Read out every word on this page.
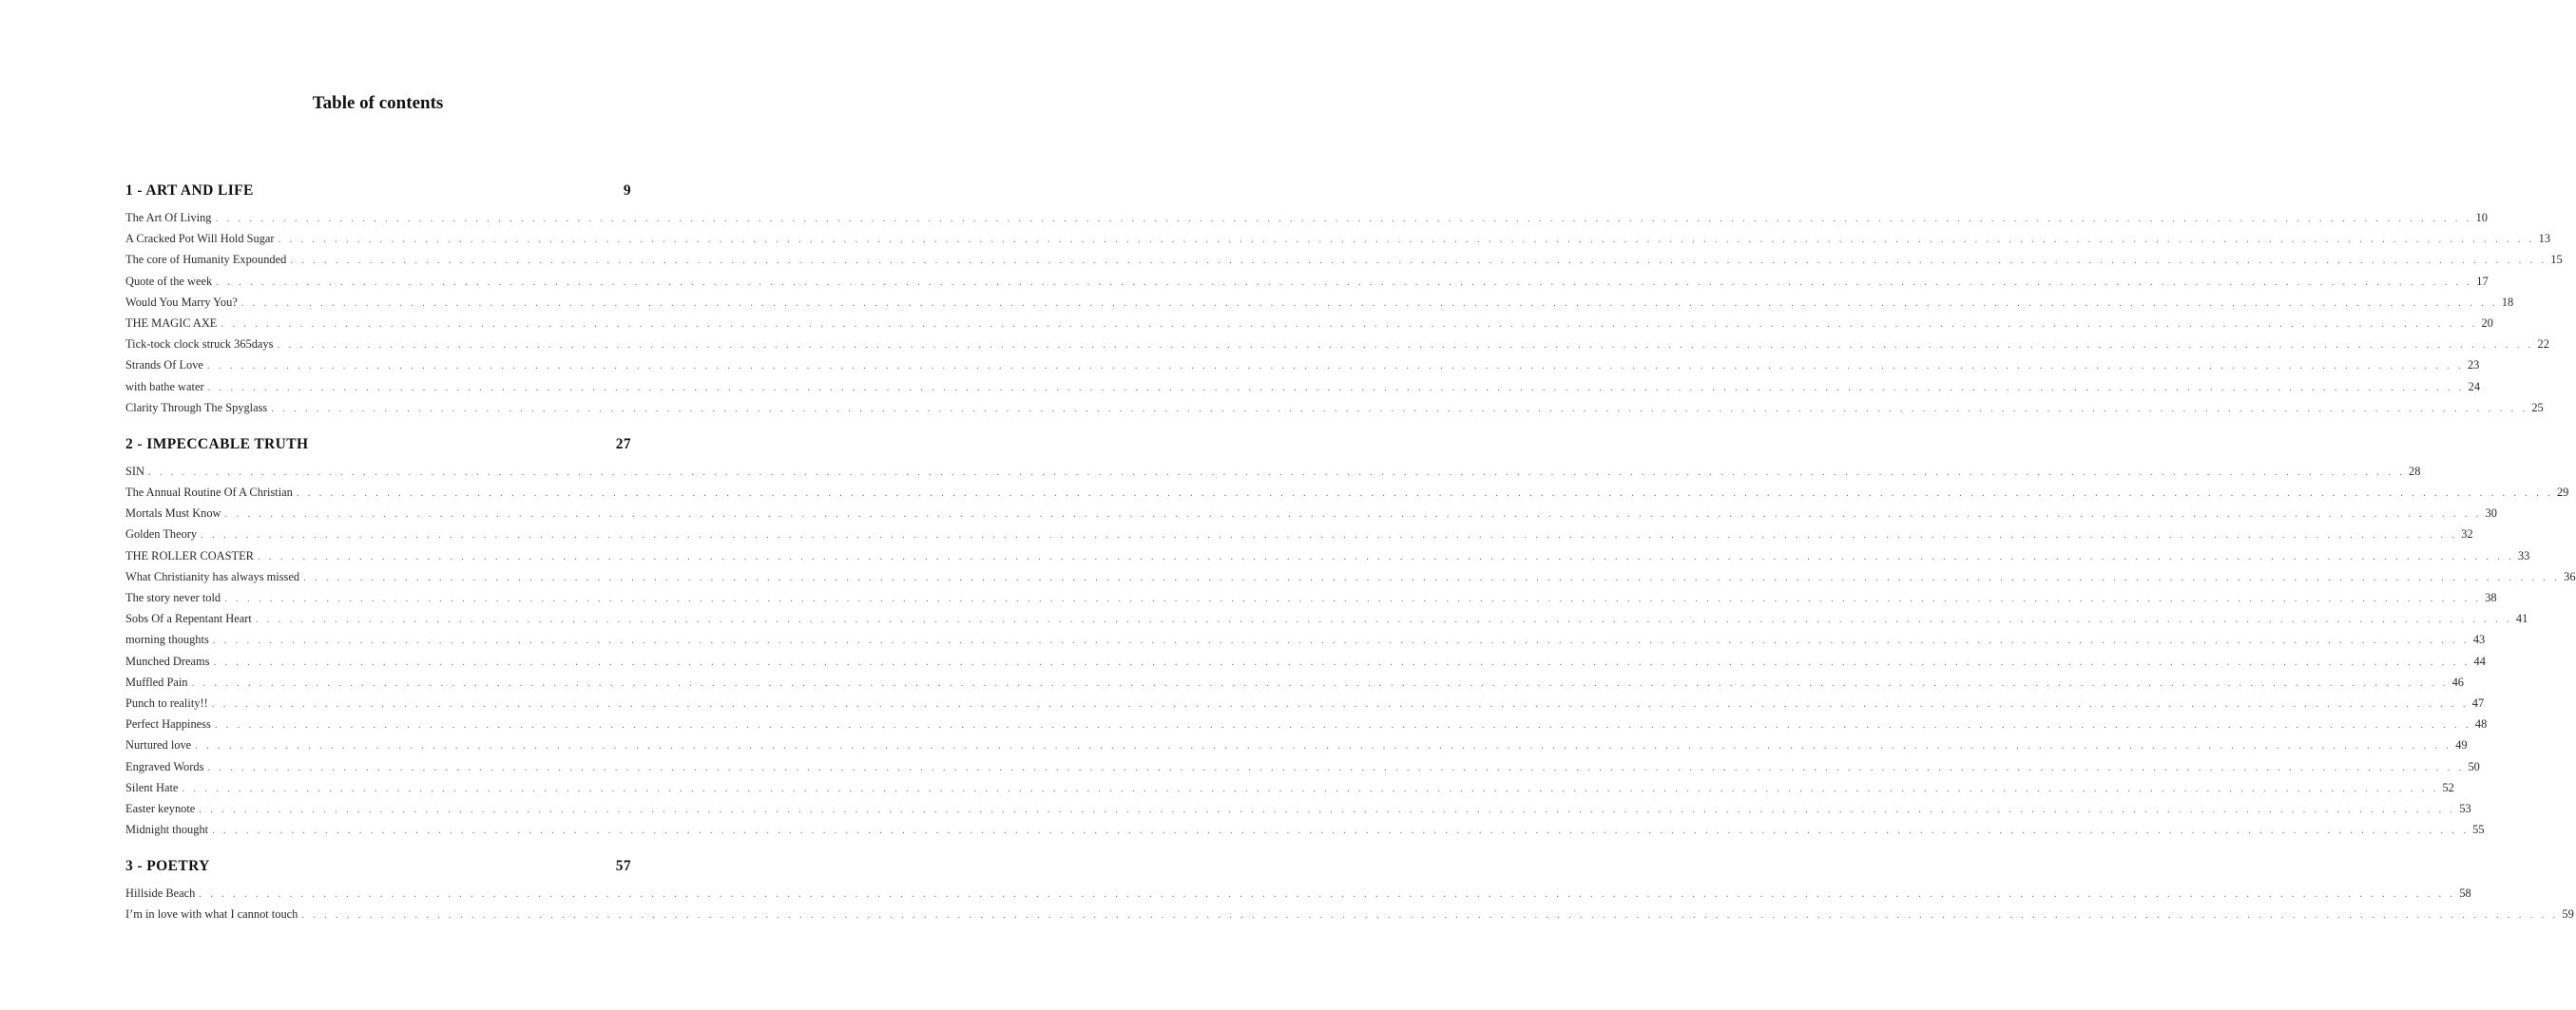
Table of contents
1 - ART AND LIFE	9
The Art Of Living . . . . . . . . . . . . . . . . . . . . . . . . . . . . . . . . . . . . . . . . . . . . . . . . . . . . . . . . . . . . . . . . . . . . . . . . . . . . . . . . . . . . . . . . . . . . . . . . . . . . . . . . . . . . . . . . . . . . . . . . . . . . . . . . . . . . . . . . . . . . . . . . . . . . . . . . . . . . . . . . . . . . . . . . . . . . . . . . . . . . . . . . . . . . . . . . . . . . . . . . 10
A Cracked Pot Will Hold Sugar . . . . . . . . . . . . . . . . . . . . . . . . . . . . . . . . . . . . . . . . . . . . . . . . . . . . . . . . . . . . . . . . . . . . . . . . . . . . . . . . . . . . . . . . . . . . . . . . . . . . . . . . . . . . . . . . . . . . . . . . . . . . . . . . . . . . . . . . . . . . . . . . . . . . . . . . . . . . . . . . . . . . . . . . . . . . . . . . . . . . . . . . . . . . . . . . . . . . . . . . 13
The core of Humanity Expounded . . . . . . . . . . . . . . . . . . . . . . . . . . . . . . . . . . . . . . . . . . . . . . . . . . . . . . . . . . . . . . . . . . . . . . . . . . . . . . . . . . . . . . . . . . . . . . . . . . . . . . . . . . . . . . . . . . . . . . . . . . . . . . . . . . . . . . . . . . . . . . . . . . . . . . . . . . . . . . . . . . . . . . . . . . . . . . . . . . . . . . . . . . . . . . . . . . . . . . . . 15
Quote of the week . . . . . . . . . . . . . . . . . . . . . . . . . . . . . . . . . . . . . . . . . . . . . . . . . . . . . . . . . . . . . . . . . . . . . . . . . . . . . . . . . . . . . . . . . . . . . . . . . . . . . . . . . . . . . . . . . . . . . . . . . . . . . . . . . . . . . . . . . . . . . . . . . . . . . . . . . . . . . . . . . . . . . . . . . . . . . . . . . . . . . . . . . . . . . . . . . . . . . . . . 17
Would You Marry You? . . . . . . . . . . . . . . . . . . . . . . . . . . . . . . . . . . . . . . . . . . . . . . . . . . . . . . . . . . . . . . . . . . . . . . . . . . . . . . . . . . . . . . . . . . . . . . . . . . . . . . . . . . . . . . . . . . . . . . . . . . . . . . . . . . . . . . . . . . . . . . . . . . . . . . . . . . . . . . . . . . . . . . . . . . . . . . . . . . . . . . . . . . . . . . . . . . . . . . . . 18
THE MAGIC AXE . . . . . . . . . . . . . . . . . . . . . . . . . . . . . . . . . . . . . . . . . . . . . . . . . . . . . . . . . . . . . . . . . . . . . . . . . . . . . . . . . . . . . . . . . . . . . . . . . . . . . . . . . . . . . . . . . . . . . . . . . . . . . . . . . . . . . . . . . . . . . . . . . . . . . . . . . . . . . . . . . . . . . . . . . . . . . . . . . . . . . . . . . . . . . . . . . . . . . . . . 20
Tick-tock clock struck 365days . . . . . . . . . . . . . . . . . . . . . . . . . . . . . . . . . . . . . . . . . . . . . . . . . . . . . . . . . . . . . . . . . . . . . . . . . . . . . . . . . . . . . . . . . . . . . . . . . . . . . . . . . . . . . . . . . . . . . . . . . . . . . . . . . . . . . . . . . . . . . . . . . . . . . . . . . . . . . . . . . . . . . . . . . . . . . . . . . . . . . . . . . . . . . . . . . . . . . . . . 22
Strands Of Love . . . . . . . . . . . . . . . . . . . . . . . . . . . . . . . . . . . . . . . . . . . . . . . . . . . . . . . . . . . . . . . . . . . . . . . . . . . . . . . . . . . . . . . . . . . . . . . . . . . . . . . . . . . . . . . . . . . . . . . . . . . . . . . . . . . . . . . . . . . . . . . . . . . . . . . . . . . . . . . . . . . . . . . . . . . . . . . . . . . . . . . . . . . . . . . . . . . . . . . . 23
with bathe water . . . . . . . . . . . . . . . . . . . . . . . . . . . . . . . . . . . . . . . . . . . . . . . . . . . . . . . . . . . . . . . . . . . . . . . . . . . . . . . . . . . . . . . . . . . . . . . . . . . . . . . . . . . . . . . . . . . . . . . . . . . . . . . . . . . . . . . . . . . . . . . . . . . . . . . . . . . . . . . . . . . . . . . . . . . . . . . . . . . . . . . . . . . . . . . . . . . . . . . . 24
Clarity Through The Spyglass . . . . . . . . . . . . . . . . . . . . . . . . . . . . . . . . . . . . . . . . . . . . . . . . . . . . . . . . . . . . . . . . . . . . . . . . . . . . . . . . . . . . . . . . . . . . . . . . . . . . . . . . . . . . . . . . . . . . . . . . . . . . . . . . . . . . . . . . . . . . . . . . . . . . . . . . . . . . . . . . . . . . . . . . . . . . . . . . . . . . . . . . . . . . . . . . . . . . . . . . 25
2 - IMPECCABLE TRUTH	27
SIN . . . . . . . . . . . . . . . . . . . . . . . . . . . . . . . . . . . . . . . . . . . . . . . . . . . . . . . . . . . . . . . . . . . . . . . . . . . . . . . . . . . . . . . . . . . . . . . . . . . . . . . . . . . . . . . . . . . . . . . . . . . . . . . . . . . . . . . . . . . . . . . . . . . . . . . . . . . . . . . . . . . . . . . . . . . . . . . . . . . . . . . . . . . . . . . . . . . . . . . . 28
The Annual Routine Of A Christian . . . . . . . . . . . . . . . . . . . . . . . . . . . . . . . . . . . . . . . . . . . . . . . . . . . . . . . . . . . . . . . . . . . . . . . . . . . . . . . . . . . . . . . . . . . . . . . . . . . . . . . . . . . . . . . . . . . . . . . . . . . . . . . . . . . . . . . . . . . . . . . . . . . . . . . . . . . . . . . . . . . . . . . . . . . . . . . . . . . . . . . . . . . . . . . . . . . . . . . . 29
Mortals Must Know . . . . . . . . . . . . . . . . . . . . . . . . . . . . . . . . . . . . . . . . . . . . . . . . . . . . . . . . . . . . . . . . . . . . . . . . . . . . . . . . . . . . . . . . . . . . . . . . . . . . . . . . . . . . . . . . . . . . . . . . . . . . . . . . . . . . . . . . . . . . . . . . . . . . . . . . . . . . . . . . . . . . . . . . . . . . . . . . . . . . . . . . . . . . . . . . . . . . . . . . 30
Golden Theory . . . . . . . . . . . . . . . . . . . . . . . . . . . . . . . . . . . . . . . . . . . . . . . . . . . . . . . . . . . . . . . . . . . . . . . . . . . . . . . . . . . . . . . . . . . . . . . . . . . . . . . . . . . . . . . . . . . . . . . . . . . . . . . . . . . . . . . . . . . . . . . . . . . . . . . . . . . . . . . . . . . . . . . . . . . . . . . . . . . . . . . . . . . . . . . . . . . . . . . . 32
THE ROLLER COASTER . . . . . . . . . . . . . . . . . . . . . . . . . . . . . . . . . . . . . . . . . . . . . . . . . . . . . . . . . . . . . . . . . . . . . . . . . . . . . . . . . . . . . . . . . . . . . . . . . . . . . . . . . . . . . . . . . . . . . . . . . . . . . . . . . . . . . . . . . . . . . . . . . . . . . . . . . . . . . . . . . . . . . . . . . . . . . . . . . . . . . . . . . . . . . . . . . . . . . . . . 33
What Christianity has always missed . . . . . . . . . . . . . . . . . . . . . . . . . . . . . . . . . . . . . . . . . . . . . . . . . . . . . . . . . . . . . . . . . . . . . . . . . . . . . . . . . . . . . . . . . . . . . . . . . . . . . . . . . . . . . . . . . . . . . . . . . . . . . . . . . . . . . . . . . . . . . . . . . . . . . . . . . . . . . . . . . . . . . . . . . . . . . . . . . . . . . . . . . . . . . . . . . . . . . . . . 36
The story never told . . . . . . . . . . . . . . . . . . . . . . . . . . . . . . . . . . . . . . . . . . . . . . . . . . . . . . . . . . . . . . . . . . . . . . . . . . . . . . . . . . . . . . . . . . . . . . . . . . . . . . . . . . . . . . . . . . . . . . . . . . . . . . . . . . . . . . . . . . . . . . . . . . . . . . . . . . . . . . . . . . . . . . . . . . . . . . . . . . . . . . . . . . . . . . . . . . . . . . . . 38
Sobs Of a Repentant Heart . . . . . . . . . . . . . . . . . . . . . . . . . . . . . . . . . . . . . . . . . . . . . . . . . . . . . . . . . . . . . . . . . . . . . . . . . . . . . . . . . . . . . . . . . . . . . . . . . . . . . . . . . . . . . . . . . . . . . . . . . . . . . . . . . . . . . . . . . . . . . . . . . . . . . . . . . . . . . . . . . . . . . . . . . . . . . . . . . . . . . . . . . . . . . . . . . . . . . . . . 41
morning thoughts . . . . . . . . . . . . . . . . . . . . . . . . . . . . . . . . . . . . . . . . . . . . . . . . . . . . . . . . . . . . . . . . . . . . . . . . . . . . . . . . . . . . . . . . . . . . . . . . . . . . . . . . . . . . . . . . . . . . . . . . . . . . . . . . . . . . . . . . . . . . . . . . . . . . . . . . . . . . . . . . . . . . . . . . . . . . . . . . . . . . . . . . . . . . . . . . . . . . . . . . 43
Munched Dreams . . . . . . . . . . . . . . . . . . . . . . . . . . . . . . . . . . . . . . . . . . . . . . . . . . . . . . . . . . . . . . . . . . . . . . . . . . . . . . . . . . . . . . . . . . . . . . . . . . . . . . . . . . . . . . . . . . . . . . . . . . . . . . . . . . . . . . . . . . . . . . . . . . . . . . . . . . . . . . . . . . . . . . . . . . . . . . . . . . . . . . . . . . . . . . . . . . . . . . . . 44
Muffled Pain . . . . . . . . . . . . . . . . . . . . . . . . . . . . . . . . . . . . . . . . . . . . . . . . . . . . . . . . . . . . . . . . . . . . . . . . . . . . . . . . . . . . . . . . . . . . . . . . . . . . . . . . . . . . . . . . . . . . . . . . . . . . . . . . . . . . . . . . . . . . . . . . . . . . . . . . . . . . . . . . . . . . . . . . . . . . . . . . . . . . . . . . . . . . . . . . . . . . . . . . 46
Punch to reality!! . . . . . . . . . . . . . . . . . . . . . . . . . . . . . . . . . . . . . . . . . . . . . . . . . . . . . . . . . . . . . . . . . . . . . . . . . . . . . . . . . . . . . . . . . . . . . . . . . . . . . . . . . . . . . . . . . . . . . . . . . . . . . . . . . . . . . . . . . . . . . . . . . . . . . . . . . . . . . . . . . . . . . . . . . . . . . . . . . . . . . . . . . . . . . . . . . . . . . . . . 47
Perfect Happiness . . . . . . . . . . . . . . . . . . . . . . . . . . . . . . . . . . . . . . . . . . . . . . . . . . . . . . . . . . . . . . . . . . . . . . . . . . . . . . . . . . . . . . . . . . . . . . . . . . . . . . . . . . . . . . . . . . . . . . . . . . . . . . . . . . . . . . . . . . . . . . . . . . . . . . . . . . . . . . . . . . . . . . . . . . . . . . . . . . . . . . . . . . . . . . . . . . . . . . . . 48
Nurtured love . . . . . . . . . . . . . . . . . . . . . . . . . . . . . . . . . . . . . . . . . . . . . . . . . . . . . . . . . . . . . . . . . . . . . . . . . . . . . . . . . . . . . . . . . . . . . . . . . . . . . . . . . . . . . . . . . . . . . . . . . . . . . . . . . . . . . . . . . . . . . . . . . . . . . . . . . . . . . . . . . . . . . . . . . . . . . . . . . . . . . . . . . . . . . . . . . . . . . . . . 49
Engraved Words . . . . . . . . . . . . . . . . . . . . . . . . . . . . . . . . . . . . . . . . . . . . . . . . . . . . . . . . . . . . . . . . . . . . . . . . . . . . . . . . . . . . . . . . . . . . . . . . . . . . . . . . . . . . . . . . . . . . . . . . . . . . . . . . . . . . . . . . . . . . . . . . . . . . . . . . . . . . . . . . . . . . . . . . . . . . . . . . . . . . . . . . . . . . . . . . . . . . . . . . 50
Silent Hate . . . . . . . . . . . . . . . . . . . . . . . . . . . . . . . . . . . . . . . . . . . . . . . . . . . . . . . . . . . . . . . . . . . . . . . . . . . . . . . . . . . . . . . . . . . . . . . . . . . . . . . . . . . . . . . . . . . . . . . . . . . . . . . . . . . . . . . . . . . . . . . . . . . . . . . . . . . . . . . . . . . . . . . . . . . . . . . . . . . . . . . . . . . . . . . . . . . . . . . . 52
Easter keynote . . . . . . . . . . . . . . . . . . . . . . . . . . . . . . . . . . . . . . . . . . . . . . . . . . . . . . . . . . . . . . . . . . . . . . . . . . . . . . . . . . . . . . . . . . . . . . . . . . . . . . . . . . . . . . . . . . . . . . . . . . . . . . . . . . . . . . . . . . . . . . . . . . . . . . . . . . . . . . . . . . . . . . . . . . . . . . . . . . . . . . . . . . . . . . . . . . . . . . . . 53
Midnight thought . . . . . . . . . . . . . . . . . . . . . . . . . . . . . . . . . . . . . . . . . . . . . . . . . . . . . . . . . . . . . . . . . . . . . . . . . . . . . . . . . . . . . . . . . . . . . . . . . . . . . . . . . . . . . . . . . . . . . . . . . . . . . . . . . . . . . . . . . . . . . . . . . . . . . . . . . . . . . . . . . . . . . . . . . . . . . . . . . . . . . . . . . . . . . . . . . . . . . . . . 55
3 - POETRY	57
Hillside Beach . . . . . . . . . . . . . . . . . . . . . . . . . . . . . . . . . . . . . . . . . . . . . . . . . . . . . . . . . . . . . . . . . . . . . . . . . . . . . . . . . . . . . . . . . . . . . . . . . . . . . . . . . . . . . . . . . . . . . . . . . . . . . . . . . . . . . . . . . . . . . . . . . . . . . . . . . . . . . . . . . . . . . . . . . . . . . . . . . . . . . . . . . . . . . . . . . . . . . . . . 58
I’m in love with what I cannot touch . . . . . . . . . . . . . . . . . . . . . . . . . . . . . . . . . . . . . . . . . . . . . . . . . . . . . . . . . . . . . . . . . . . . . . . . . . . . . . . . . . . . . . . . . . . . . . . . . . . . . . . . . . . . . . . . . . . . . . . . . . . . . . . . . . . . . . . . . . . . . . . . . . . . . . . . . . . . . . . . . . . . . . . . . . . . . . . . . . . . . . . . . . . . . . . . . . . . . . . . 59
